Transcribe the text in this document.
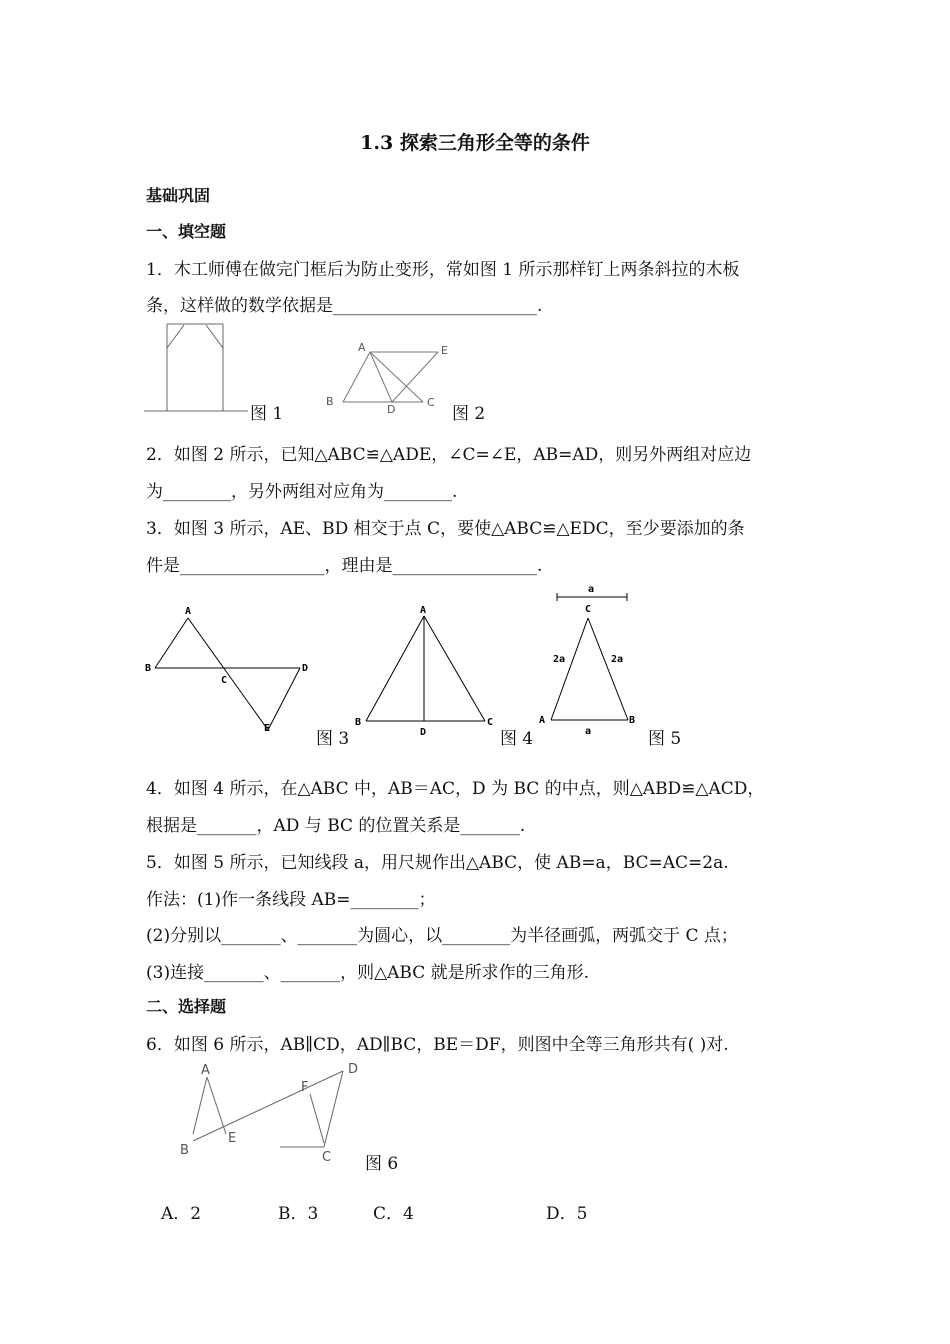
1.3 探索三角形全等的条件
基础巩固
一、填空题
1．木工师傅在做完门框后为防止变形，常如图 1 所示那样钉上两条斜拉的木板
条，这样做的数学依据是________________________.
图 1
A	E
B
D
C
图 2
2．如图 2 所示，已知△ABC≌△ADE，∠C=∠E，AB=AD，则另外两组对应边
为________，另外两组对应角为________.
3．如图 3 所示，AE、BD 相交于点 C，要使△ABC≌△EDC，至少要添加的条
件是_________________，理由是_________________.
A
B
C
D
E
图 3
A
B	C
D	图 4
a
C
2a	2a
A	B
a	图 5
4．如图 4 所示，在△ABC 中，AB＝AC，D 为 BC 的中点，则△ABD≌△ACD，
根据是_______，AD 与 BC 的位置关系是_______.
5．如图 5 所示，已知线段 a，用尺规作出△ABC，使 AB=a，BC=AC=2a.
作法：(1)作一条线段 AB=________；
(2)分别以_______、_______为圆心，以________为半径画弧，两弧交于 C 点；
(3)连接_______、_______，则△ABC 就是所求作的三角形.
二、选择题
6．如图 6 所示，AB∥CD，AD∥BC，BE＝DF，则图中全等三角形共有( )对.
A
B
E
F
D
C 图 6
A．2	B．3	C．4	D．5
